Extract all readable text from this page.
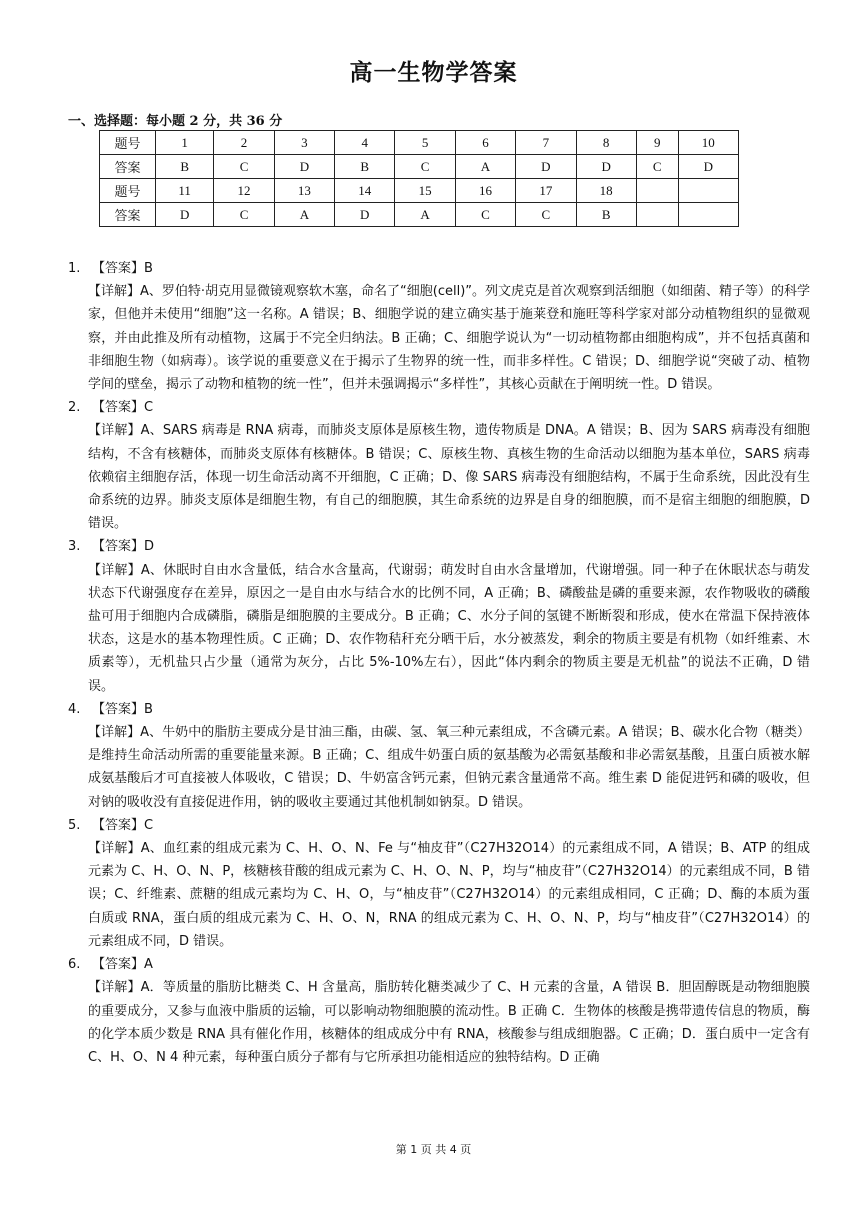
高一生物学答案
一、选择题：每小题 2 分，共 36 分
题号	1	2	3	4	5	6	7	8	9	10
答案	B	C	D	B	C	A	D	D	C	D
题号	11	12	13	14	15	16	17	18		
答案	D	C	A	D	A	C	C	B		
1. 【答案】B
【详解】A、罗伯特·胡克用显微镜观察软木塞，命名了“细胞(cell)”。列文虎克是首次观察到活细胞（如细菌、精子等）的科学家，但他并未使用“细胞”这一名称。A 错误；B、细胞学说的建立确实基于施莱登和施旺等科学家对部分动植物组织的显微观察，并由此推及所有动植物，这属于不完全归纳法。B 正确；C、细胞学说认为“一切动植物都由细胞构成”，并不包括真菌和非细胞生物（如病毒）。该学说的重要意义在于揭示了生物界的统一性，而非多样性。C 错误；D、细胞学说“突破了动、植物学间的壁垒，揭示了动物和植物的统一性”，但并未强调揭示“多样性”，其核心贡献在于阐明统一性。D 错误。
2. 【答案】C
【详解】A、SARS 病毒是 RNA 病毒，而肺炎支原体是原核生物，遗传物质是 DNA。A 错误；B、因为 SARS 病毒没有细胞结构，不含有核糖体，而肺炎支原体有核糖体。B 错误；C、原核生物、真核生物的生命活动以细胞为基本单位，SARS 病毒依赖宿主细胞存活，体现一切生命活动离不开细胞，C 正确；D、像 SARS 病毒没有细胞结构，不属于生命系统，因此没有生命系统的边界。肺炎支原体是细胞生物，有自己的细胞膜，其生命系统的边界是自身的细胞膜，而不是宿主细胞的细胞膜，D 错误。
3. 【答案】D
【详解】A、休眠时自由水含量低，结合水含量高，代谢弱；萌发时自由水含量增加，代谢增强。同一种子在休眠状态与萌发状态下代谢强度存在差异，原因之一是自由水与结合水的比例不同，A 正确；B、磷酸盐是磷的重要来源，农作物吸收的磷酸盐可用于细胞内合成磷脂，磷脂是细胞膜的主要成分。B 正确；C、水分子间的氢键不断断裂和形成，使水在常温下保持液体状态，这是水的基本物理性质。C 正确；D、农作物秸秆充分晒干后，水分被蒸发，剩余的物质主要是有机物（如纤维素、木质素等），无机盐只占少量（通常为灰分，占比 5%-10%左右），因此“体内剩余的物质主要是无机盐”的说法不正确，D 错误。
4. 【答案】B
【详解】A、牛奶中的脂肪主要成分是甘油三酯，由碳、氢、氧三种元素组成，不含磷元素。A 错误；B、碳水化合物（糖类）是维持生命活动所需的重要能量来源。B 正确；C、组成牛奶蛋白质的氨基酸为必需氨基酸和非必需氨基酸，且蛋白质被水解成氨基酸后才可直接被人体吸收，C 错误；D、牛奶富含钙元素，但钠元素含量通常不高。维生素 D 能促进钙和磷的吸收，但对钠的吸收没有直接促进作用，钠的吸收主要通过其他机制如钠泵。D 错误。
5. 【答案】C
【详解】A、血红素的组成元素为 C、H、O、N、Fe 与“柚皮苷”（C27H32O14）的元素组成不同，A 错误；B、ATP 的组成元素为 C、H、O、N、P，核糖核苷酸的组成元素为 C、H、O、N、P，均与“柚皮苷”（C27H32O14）的元素组成不同，B 错误；C、纤维素、蔗糖的组成元素均为 C、H、O，与“柚皮苷”（C27H32O14）的元素组成相同，C 正确；D、酶的本质为蛋白质或 RNA，蛋白质的组成元素为 C、H、O、N，RNA 的组成元素为 C、H、O、N、P，均与“柚皮苷”（C27H32O14）的元素组成不同，D 错误。
6. 【答案】A
【详解】A．等质量的脂肪比糖类 C、H 含量高，脂肪转化糖类减少了 C、H 元素的含量，A 错误 B．胆固醇既是动物细胞膜的重要成分，又参与血液中脂质的运输，可以影响动物细胞膜的流动性。B 正确 C．生物体的核酸是携带遗传信息的物质，酶的化学本质少数是 RNA 具有催化作用，核糖体的组成成分中有 RNA，核酸参与组成细胞器。C 正确；D．蛋白质中一定含有 C、H、O、N 4 种元素，每种蛋白质分子都有与它所承担功能相适应的独特结构。D 正确
第 1 页 共 4 页
